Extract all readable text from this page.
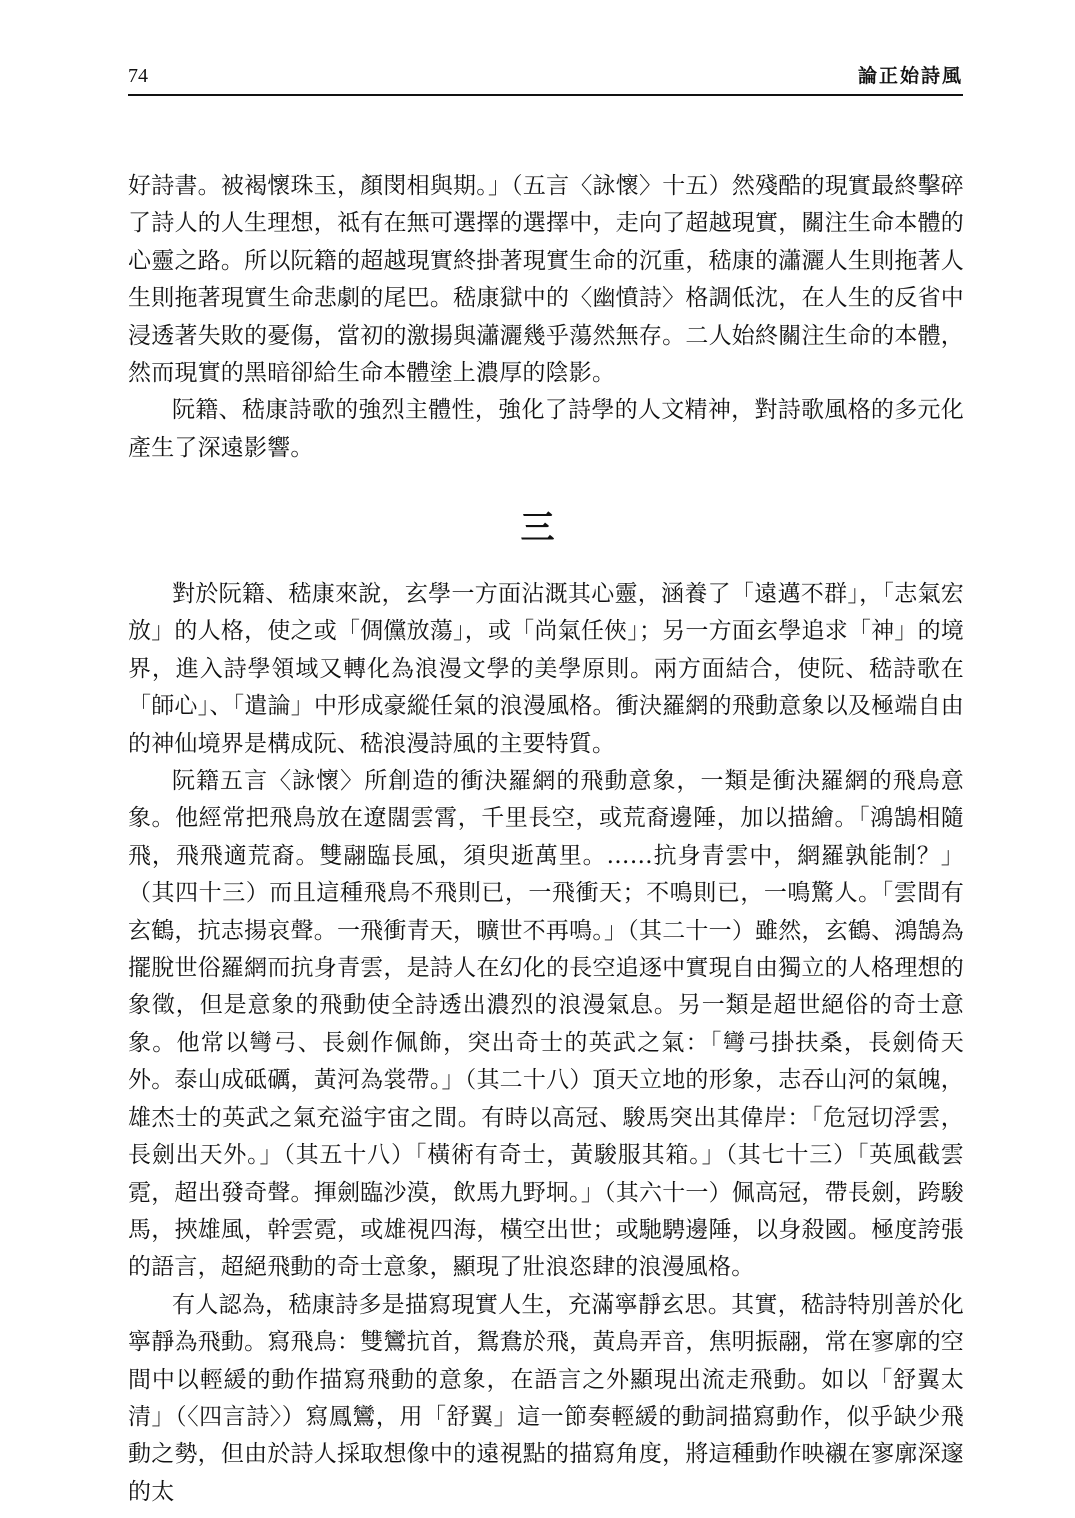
74	論正始詩風

好詩書。被褐懷珠玉，顏閔相與期。」（五言〈詠懷〉十五）然殘酷的現實最終擊碎了詩人的人生理想，祗有在無可選擇的選擇中，走向了超越現實，關注生命本體的心靈之路。所以阮籍的超越現實終掛著現實生命的沉重，嵇康的瀟灑人生則拖著人生則拖著現實生命悲劇的尾巴。嵇康獄中的〈幽憤詩〉格調低沈，在人生的反省中浸透著失敗的憂傷，當初的激揚與瀟灑幾乎蕩然無存。二人始終關注生命的本體，然而現實的黑暗卻給生命本體塗上濃厚的陰影。

阮籍、嵇康詩歌的強烈主體性，強化了詩學的人文精神，對詩歌風格的多元化產生了深遠影響。

三

對於阮籍、嵇康來說，玄學一方面沾溉其心靈，涵養了「遠邁不群」，「志氣宏放」的人格，使之或「倜儻放蕩」，或「尚氣任俠」；另一方面玄學追求「神」的境界，進入詩學領域又轉化為浪漫文學的美學原則。兩方面結合，使阮、嵇詩歌在「師心」、「遣論」中形成豪縱任氣的浪漫風格。衝決羅網的飛動意象以及極端自由的神仙境界是構成阮、嵇浪漫詩風的主要特質。

阮籍五言〈詠懷〉所創造的衝決羅網的飛動意象，一類是衝決羅網的飛鳥意象。他經常把飛鳥放在遼闊雲霄，千里長空，或荒裔邊陲，加以描繪。「鴻鵠相隨飛，飛飛適荒裔。雙翮臨長風，須臾逝萬里。……抗身青雲中，網羅孰能制？」（其四十三）而且這種飛鳥不飛則已，一飛衝天；不鳴則已，一鳴驚人。「雲間有玄鶴，抗志揚哀聲。一飛衝青天，曠世不再鳴。」（其二十一）雖然，玄鶴、鴻鵠為擺脫世俗羅網而抗身青雲，是詩人在幻化的長空追逐中實現自由獨立的人格理想的象徵，但是意象的飛動使全詩透出濃烈的浪漫氣息。另一類是超世絕俗的奇士意象。他常以彎弓、長劍作佩飾，突出奇士的英武之氣：「彎弓掛扶桑，長劍倚天外。泰山成砥礪，黃河為裳帶。」（其二十八）頂天立地的形象，志吞山河的氣魄，雄杰士的英武之氣充溢宇宙之間。有時以高冠、駿馬突出其偉岸：「危冠切浮雲，長劍出天外。」（其五十八）「橫術有奇士，黃駿服其箱。」（其七十三）「英風截雲霓，超出發奇聲。揮劍臨沙漠，飲馬九野坰。」（其六十一）佩高冠，帶長劍，跨駿馬，挾雄風，幹雲霓，或雄視四海，橫空出世；或馳騁邊陲，以身殺國。極度誇張的語言，超絕飛動的奇士意象，顯現了壯浪恣肆的浪漫風格。

有人認為，嵇康詩多是描寫現實人生，充滿寧靜玄思。其實，嵇詩特別善於化寧靜為飛動。寫飛鳥：雙鸞抗首，鴛鴦於飛，黃鳥弄音，焦明振翮，常在寥廓的空間中以輕緩的動作描寫飛動的意象，在語言之外顯現出流走飛動。如以「舒翼太清」（〈四言詩〉）寫鳳鸞，用「舒翼」這一節奏輕緩的動詞描寫動作，似乎缺少飛動之勢，但由於詩人採取想像中的遠視點的描寫角度，將這種動作映襯在寥廓深邃的太
